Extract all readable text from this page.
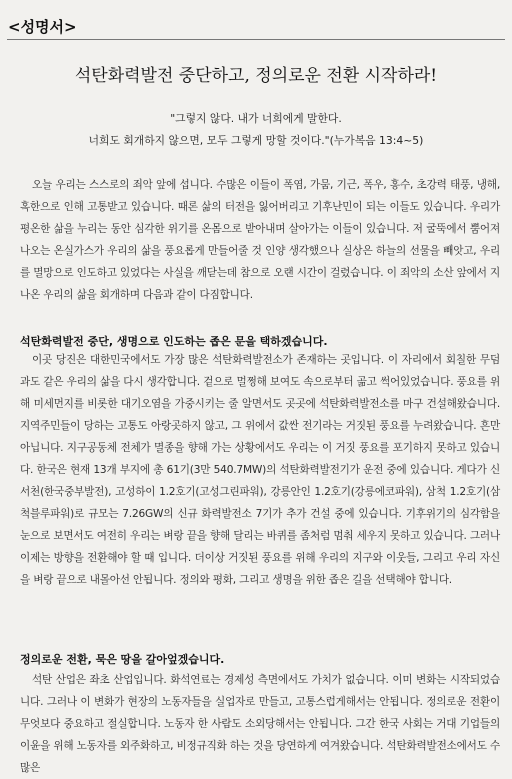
<성명서>
석탄화력발전 중단하고, 정의로운 전환 시작하라!
"그렇지 않다. 내가 너희에게 말한다.
너희도 회개하지 않으면, 모두 그렇게 망할 것이다."(누가복음 13:4~5)

오늘 우리는 스스로의 죄악 앞에 섭니다. 수많은 이들이 폭염, 가뭄, 기근, 폭우, 홍수, 초강력 태풍, 냉해, 혹한으로 인해 고통받고 있습니다. 때론 삶의 터전을 잃어버리고 기후난민이 되는 이들도 있습니다. 우리가 평온한 삶을 누리는 동안 심각한 위기를 온몸으로 받아내며 살아가는 이들이 있습니다. 저 굴뚝에서 뿜어져 나오는 온실가스가 우리의 삶을 풍요롭게 만들어줄 것 인양 생각했으나 실상은 하늘의 선물을 빼앗고, 우리를 멸망으로 인도하고 있었다는 사실을 깨닫는데 참으로 오랜 시간이 걸렸습니다. 이 죄악의 소산 앞에서 지나온 우리의 삶을 회개하며 다음과 같이 다짐합니다.

석탄화력발전 중단, 생명으로 인도하는 좁은 문을 택하겠습니다.

이곳 당진은 대한민국에서도 가장 많은 석탄화력발전소가 존재하는 곳입니다. 이 자리에서 회칠한 무덤과도 같은 우리의 삶을 다시 생각합니다. 겉으로 멀쩡해 보여도 속으로부터 곪고 썩어있었습니다. 풍요를 위해 미세먼지를 비롯한 대기오염을 가중시키는 줄 알면서도 곳곳에 석탄화력발전소를 마구 건설해왔습니다. 지역주민들이 당하는 고통도 아랑곳하지 않고, 그 위에서 값싼 전기라는 거짓된 풍요를 누려왔습니다. 흔만 아닙니다. 지구공동체 전체가 멸종을 향해 가는 상황에서도 우리는 이 거짓 풍요를 포기하지 못하고 있습니다. 한국은 현재 13개 부지에 총 61기(3만 540.7MW)의 석탄화력발전기가 운전 중에 있습니다. 게다가 신서천(한국중부발전), 고성하이 1.2호기(고성그린파워), 강릉안인 1.2호기(강릉에코파워), 삼척 1.2호기(삼척블루파워)로 규모는 7.26GW의 신규 화력발전소 7기가 추가 건설 중에 있습니다. 기후위기의 심각함을 눈으로 보면서도 여전히 우리는 벼랑 끝을 향해 달리는 바퀴를 좀처럼 멈춰 세우지 못하고 있습니다. 그러나 이제는 방향을 전환해야 할 때 입니다. 더이상 거짓된 풍요를 위해 우리의 지구와 이웃들, 그리고 우리 자신을 벼랑 끝으로 내몰아선 안됩니다. 정의와 평화, 그리고 생명을 위한 좁은 길을 선택해야 합니다.

정의로운 전환, 묵은 땅을 갈아엎겠습니다.

석탄 산업은 좌초 산업입니다. 화석연료는 경제성 측면에서도 가치가 없습니다. 이미 변화는 시작되었습니다. 그러나 이 변화가 현장의 노동자들을 실업자로 만들고, 고통스럽게해서는 안됩니다. 정의로운 전환이 무엇보다 중요하고 절실합니다. 노동자 한 사람도 소외당해서는 안됩니다. 그간 한국 사회는 거대 기업들의 이윤을 위해 노동자를 외주화하고, 비정규직화 하는 것을 당연하게 여겨왔습니다. 석탄화력발전소에서도 수많은
